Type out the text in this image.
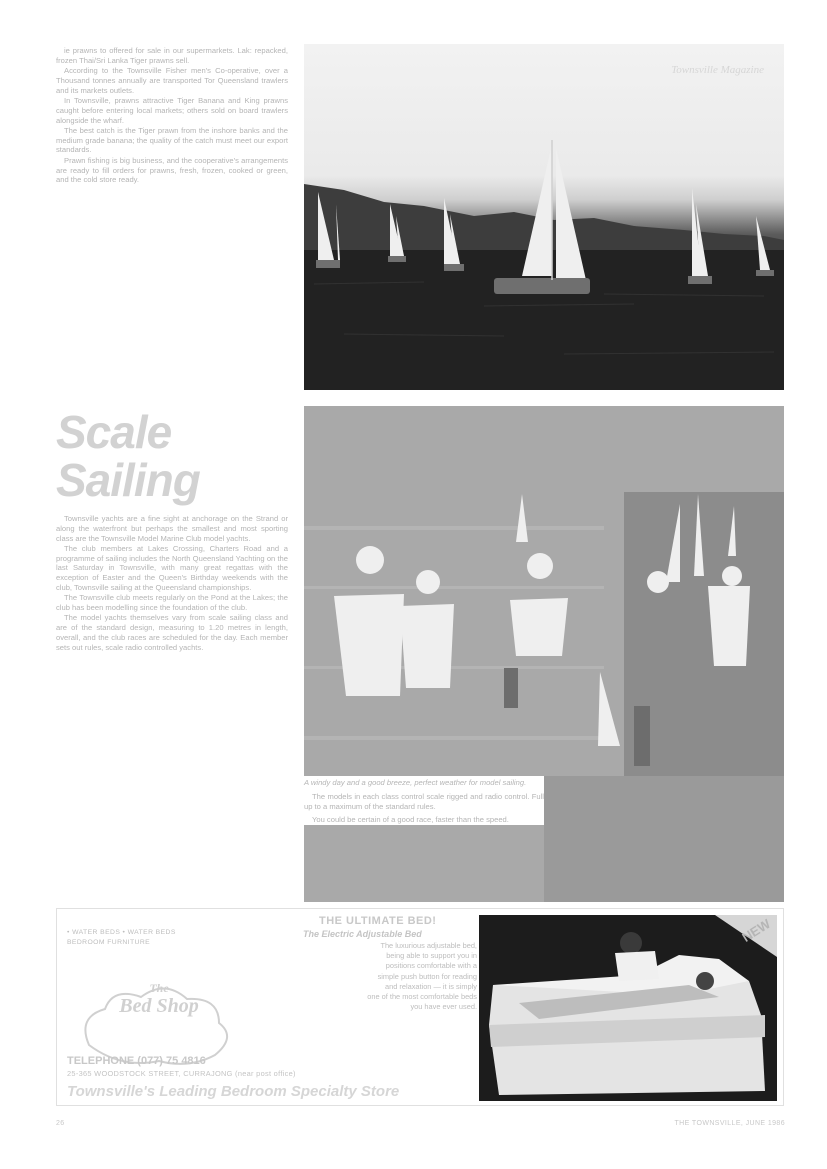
ie prawns to offered for sale in our supermarkets. Lak: repacked, frozen Thai/Sri Lanka Tiger prawns sell.

According to the Townsville Fisher men's Co-operative, over a Thousand tonnes annually are transported Tor Queensland trawlers and its markets outlets.

In Townsville, prawns attractive Tiger Banana and King prawns caught before entering local markets; others sold on board trawlers alongside the wharf.

The best catch is the Tiger prawn from the inshore banks and the medium grade banana; the quality of the catch must meet our export standards.

Prawn fishing is big business, and the cooperative's arrangements are ready to fill orders for prawns, fresh, frozen, cooked or green, and the cold store ready.

Scale
Sailing

Townsville yachts are a fine sight at anchorage on the Strand or along the waterfront but perhaps the smallest and most sporting class are the Townsville Model Marine Club model yachts.

The club members at Lakes Crossing, Charters Road and a programme of sailing includes the North Queensland Yachting on the last Saturday in Townsville, with many great regattas with the exception of Easter and the Queen's Birthday weekends with the club, Townsville sailing at the Queensland championships.

The Townsville club meets regularly on the Pond at the Lakes; the club has been modelling since the foundation of the club.

The model yachts themselves vary from scale sailing class and are of the standard design, measuring to 1.20 metres in length, overall, and the club races are scheduled for the day. Each member sets out rules, scale radio controlled yachts.

Townsville Magazine
A windy day and a good breeze, perfect weather for model sailing.

The models in each class control scale rigged and radio control. Full up to a maximum of the standard rules.

You could be certain of a good race, faster than the speed.

• WATER BEDS • WATER BEDS
BEDROOM FURNITURE
The
Bed Shop
TELEPHONE (077) 75 4816
25-365 WOODSTOCK STREET, CURRAJONG (near post office)
Townsville's Leading Bedroom Specialty Store
THE ULTIMATE BED!
The Electric Adjustable Bed
The luxurious adjustable bed,
being able to support you in
positions comfortable with a
simple push button for reading
and relaxation — it is simply
one of the most comfortable beds
you have ever used.
NEW
26	THE TOWNSVILLE, JUNE 1986
